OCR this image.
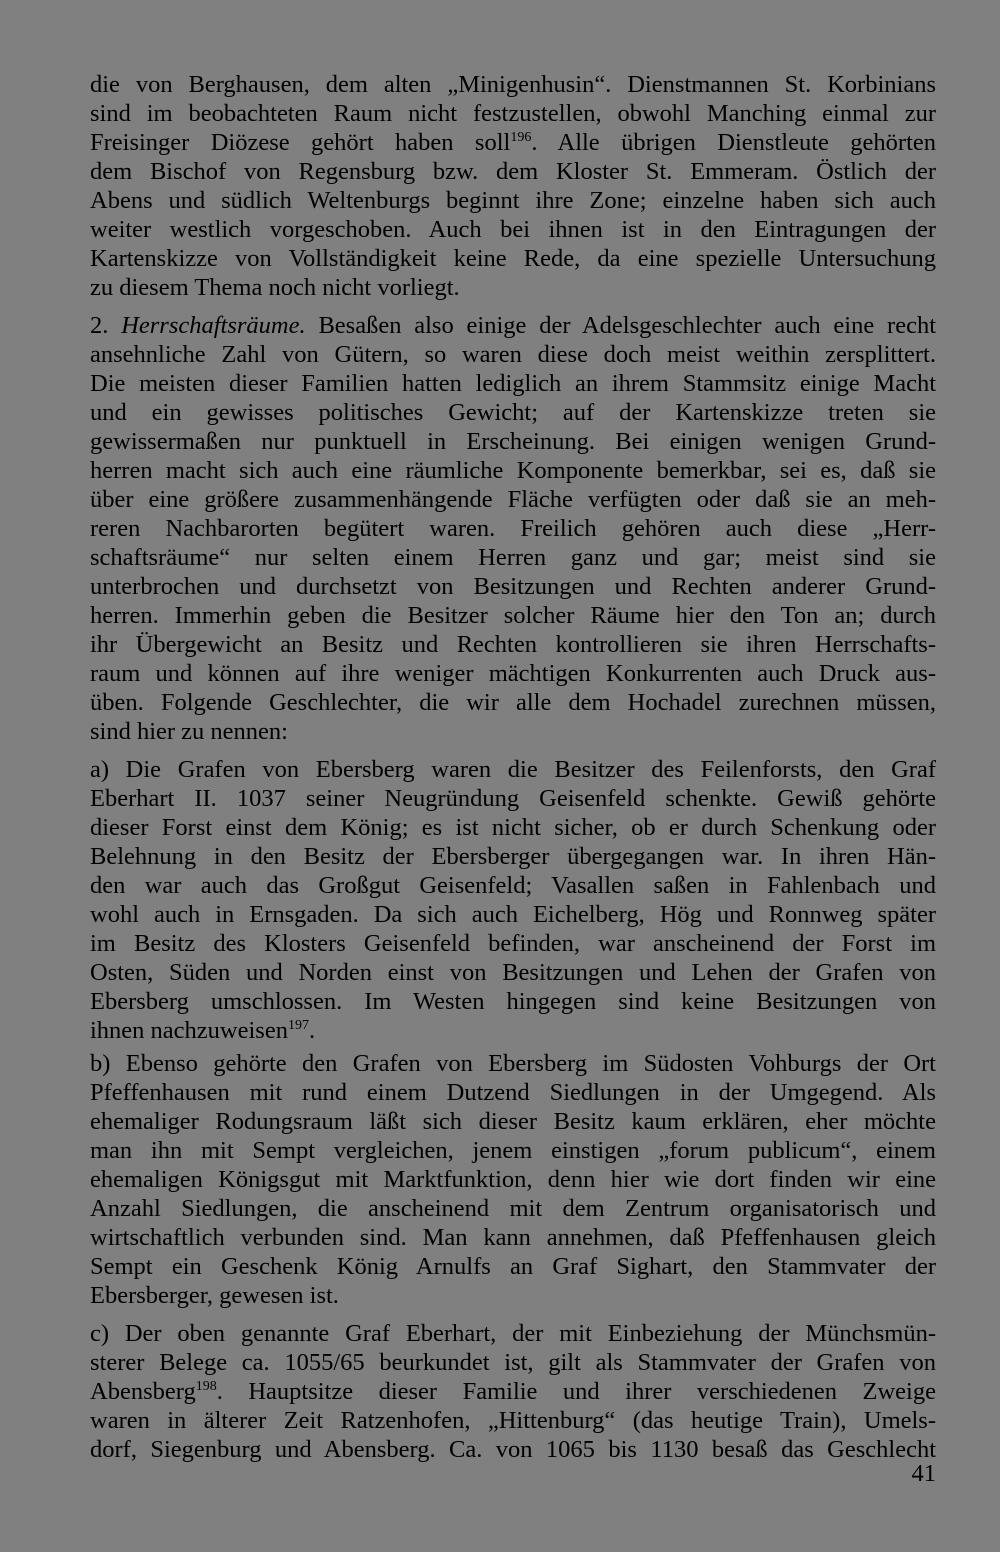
die von Berghausen, dem alten „Minigenhusin“. Dienstmannen St. Korbinians
sind im beobachteten Raum nicht festzustellen, obwohl Manching einmal zur
Freisinger Diözese gehört haben soll$^{196}$. Alle übrigen Dienstleute gehörten
dem Bischof von Regensburg bzw. dem Kloster St. Emmeram. Östlich der
Abens und südlich Weltenburgs beginnt ihre Zone; einzelne haben sich auch
weiter westlich vorgeschoben. Auch bei ihnen ist in den Eintragungen der
Kartenskizze von Vollständigkeit keine Rede, da eine spezielle Untersuchung
zu diesem Thema noch nicht vorliegt.
2. Herrschaftsräume. Besaßen also einige der Adelsgeschlechter auch eine recht
ansehnliche Zahl von Gütern, so waren diese doch meist weithin zersplittert.
Die meisten dieser Familien hatten lediglich an ihrem Stammsitz einige Macht
und ein gewisses politisches Gewicht; auf der Kartenskizze treten sie
gewissermaßen nur punktuell in Erscheinung. Bei einigen wenigen Grund-
herren macht sich auch eine räumliche Komponente bemerkbar, sei es, daß sie
über eine größere zusammenhängende Fläche verfügten oder daß sie an meh-
reren Nachbarorten begütert waren. Freilich gehören auch diese „Herr-
schaftsräume“ nur selten einem Herren ganz und gar; meist sind sie
unterbrochen und durchsetzt von Besitzungen und Rechten anderer Grund-
herren. Immerhin geben die Besitzer solcher Räume hier den Ton an; durch
ihr Übergewicht an Besitz und Rechten kontrollieren sie ihren Herrschafts-
raum und können auf ihre weniger mächtigen Konkurrenten auch Druck aus-
üben. Folgende Geschlechter, die wir alle dem Hochadel zurechnen müssen,
sind hier zu nennen:
a) Die Grafen von Ebersberg waren die Besitzer des Feilenforsts, den Graf
Eberhart II. 1037 seiner Neugründung Geisenfeld schenkte. Gewiß gehörte
dieser Forst einst dem König; es ist nicht sicher, ob er durch Schenkung oder
Belehnung in den Besitz der Ebersberger übergegangen war. In ihren Hän-
den war auch das Großgut Geisenfeld; Vasallen saßen in Fahlenbach und
wohl auch in Ernsgaden. Da sich auch Eichelberg, Hög und Ronnweg später
im Besitz des Klosters Geisenfeld befinden, war anscheinend der Forst im
Osten, Süden und Norden einst von Besitzungen und Lehen der Grafen von
Ebersberg umschlossen. Im Westen hingegen sind keine Besitzungen von
ihnen nachzuweisen$^{197}$.
b) Ebenso gehörte den Grafen von Ebersberg im Südosten Vohburgs der Ort
Pfeffenhausen mit rund einem Dutzend Siedlungen in der Umgegend. Als
ehemaliger Rodungsraum läßt sich dieser Besitz kaum erklären, eher möchte
man ihn mit Sempt vergleichen, jenem einstigen „forum publicum“, einem
ehemaligen Königsgut mit Marktfunktion, denn hier wie dort finden wir eine
Anzahl Siedlungen, die anscheinend mit dem Zentrum organisatorisch und
wirtschaftlich verbunden sind. Man kann annehmen, daß Pfeffenhausen gleich
Sempt ein Geschenk König Arnulfs an Graf Sighart, den Stammvater der
Ebersberger, gewesen ist.
c) Der oben genannte Graf Eberhart, der mit Einbeziehung der Münchsmün-
sterer Belege ca. 1055/65 beurkundet ist, gilt als Stammvater der Grafen von
Abensberg$^{198}$. Hauptsitze dieser Familie und ihrer verschiedenen Zweige
waren in älterer Zeit Ratzenhofen, „Hittenburg“ (das heutige Train), Umels-
dorf, Siegenburg und Abensberg. Ca. von 1065 bis 1130 besaß das Geschlecht
41
